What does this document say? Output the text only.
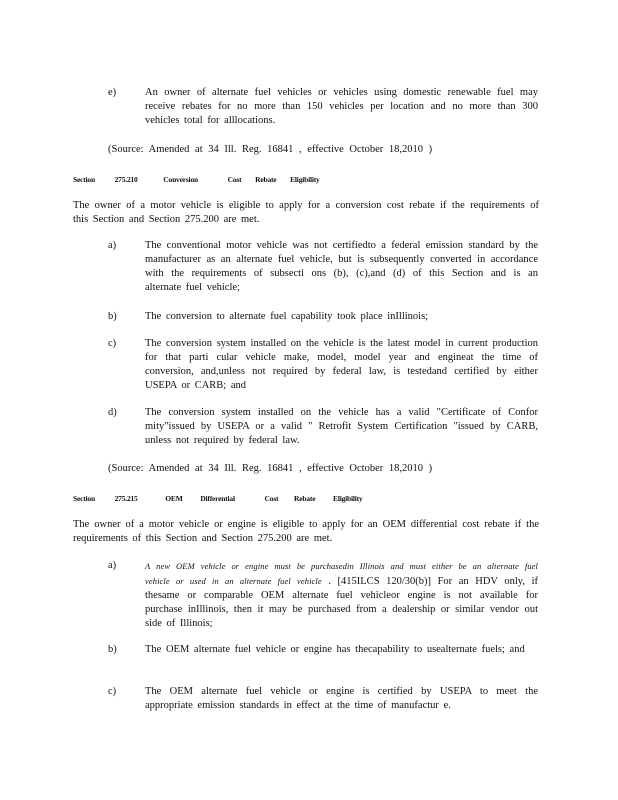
e)	An owner of alternate fuel vehicles or vehicles using domestic renewable fuel may receive rebates for no more than 150 vehicles per location and no more than 300 vehicles total for alllocations.
(Source: Amended at 34 Ill. Reg. 16841 , effective October 18,2010 )
Section	275.210	Conversion	Cost Rebate Eligibility
The owner of a motor vehicle is eligible to apply for a conversion cost rebate if the requirements of this Section and Section 275.200 are met.
a)	The conventional motor vehicle was not certifiedto a federal emission standard by the manufacturer as an alternate fuel vehicle, but is subsequently converted in accordance with the requirements of subsecti ons (b), (c),and (d) of this Section and is an alternate fuel vehicle;
b)	The conversion to alternate fuel capability took place inIllinois;
c)	The conversion system installed on the vehicle is the latest model in current production for that parti cular vehicle make, model, model year and engineat the time of conversion, and,unless not required by federal law, is testedand certified by either USEPA or CARB; and
d)	The conversion system installed on the vehicle has a valid "Certificate of Confor mity"issued by USEPA or a valid " Retrofit System Certification "issued by CARB, unless not required by federal law.
(Source: Amended at 34 Ill. Reg. 16841 , effective October 18,2010 )
Section	275.215	OEM Differential	Cost Rebate Eligibility
The owner of a motor vehicle or engine is eligible to apply for an OEM differential cost rebate if the requirements of this Section and Section 275.200 are met.
a)	A new OEM vehicle or engine must be purchasedin Illinois and must either be an alternate fuel vehicle or used in an alternate fuel vehicle . [415ILCS 120/30(b)] For an HDV only, if thesame or comparable OEM alternate fuel vehicleor engine is not available for purchase inIllinois, then it may be purchased from a dealership or similar vendor out side of Illinois;
b)	The OEM alternate fuel vehicle or engine has thecapability to usealternate fuels; and
c)	The OEM alternate fuel vehicle or engine is certified by USEPA to meet the appropriate emission standards in effect at the time of manufactur e.
